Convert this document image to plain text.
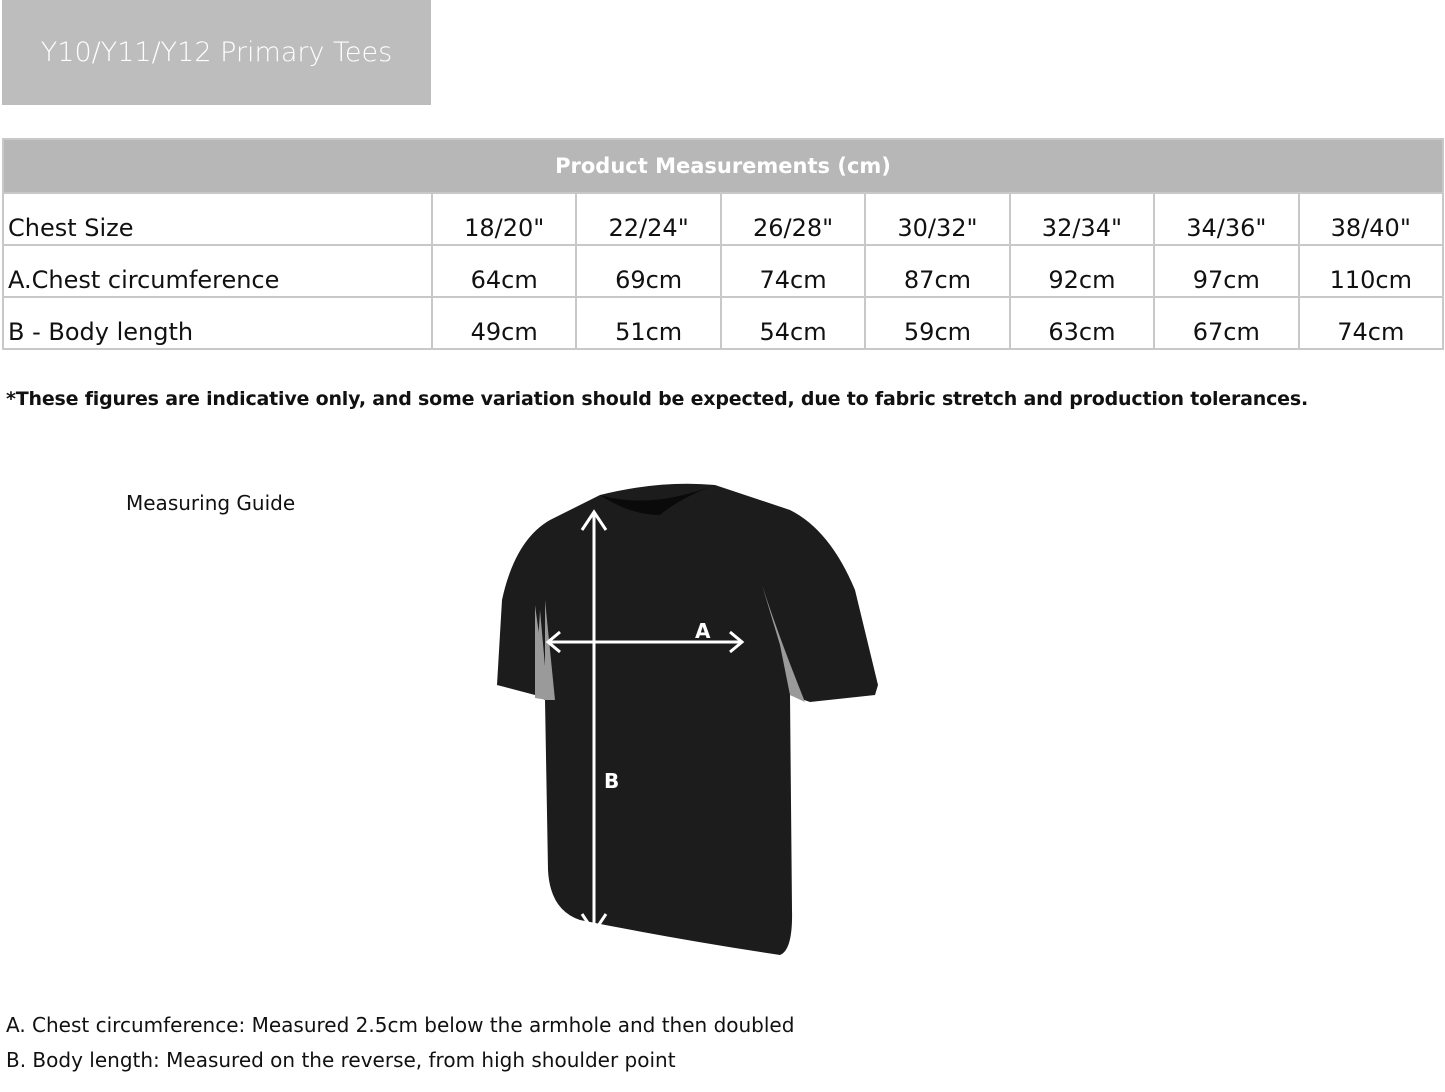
Y10/Y11/Y12 Primary Tees
Product Measurements (cm)							
Chest Size	18/20"	22/24"	26/28"	30/32"	32/34"	34/36"	38/40"
A.Chest circumference	64cm	69cm	74cm	87cm	92cm	97cm	110cm
B - Body length	49cm	51cm	54cm	59cm	63cm	67cm	74cm
*These figures are indicative only, and some variation should be expected, due to fabric stretch and production tolerances.
Measuring Guide
A
B
A. Chest circumference: Measured 2.5cm below the armhole and then doubled
B. Body length: Measured on the reverse, from high shoulder point
